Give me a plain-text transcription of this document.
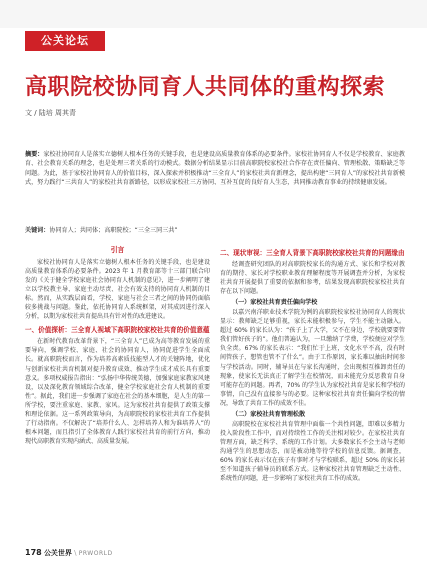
公关论坛
高职院校协同育人共同体的重构探索
文 / 陆培 周其青
摘要：家校社协同育人是落实立德树人根本任务的关键手段，也是建设高质量教育体系的必要条件。家校社协同育人不仅是学校教育、家庭教育、社会教育关系的理念，也是处理三者关系的行动模式。数据分析结果显示目前高职院校家校社合作存在责任偏向、管理松散、策略缺乏等问题。为此，基于家校社协同育人的价值目标，深入探索并积极推动“三全育人”的家校社共育新理念，提出构建“三同育人”的家校社共育新模式，努力践行“三共育人”的家校社共育新路径，以形成家校社三方协同、互补互促的良好育人生态，共同推动教育事业的持续健康发展。
关键词：协同育人；共同体；高职院校；“三全三同三共”
引言

家校社协同育人是落实立德树人根本任务的关键手段，也是建设高质量教育体系的必要条件。2023 年 1 月教育部等十三部门联合印发的《关于健全学校家庭社会协同育人机制的意见》，进一步阐明了建立以学校教主导、家庭主动尽责、社会有效支持的协同育人机制的目标。然而，从实践层面看，学校、家庭与社会三者之间的协同仍面临较多挑战与问题。鉴此，依托协同育人系统框架，对其成因进行深入分析，以期为家校社共育提出具有针对性的改进建议。

一、价值探析：三全育人视域下高职院校家校社共育的价值意蕴

在新时代教育改革背景下，“三全育人”已成为高等教育发展的重要导向，强调学校、家庭、社会的协同育人，协同促进学生全面成长。就高职院校而言，作为培养高素质技能型人才的关键阵地，优化与创新家校社共育机制对提升教育成效、推动学生成才成长具有重要意义。多项权威报告指出：“弘扬中华传统美德，加强家庭家教家风建设，以及深化教育领域综合改革，健全学校家庭社会育人机制的重要性”。据此，我们进一步强调了家庭在社会的基本细胞，是人生的第一所学校，要注重家庭、家教、家风。这为家校社共育提供了政策支撑和理论依据。这一系列政策导向，为高职院校的家校社共育工作提供了行动指南。不仅解决了“培养什么人、怎样培养人和为谁培养人”的根本问题，而且指引了全体教育人践行家校社共育的前行方向，推动现代高职教育实现内涵式、高质量发展。

二、现状审视：三全育人背景下高职院校家校社共育的问题缘由

经调查研究团队的对高职院校家长的沟通方式、家长和学校对教育的期待、家长对学校职业教育理解程度等开展调查并分析，为家校社共育开展提供了重要的依据和参考，结果发现高职院校家校社共育存在以下问题。

（一）家校社共育责任偏向学校

以嘉兴南洋职业技术学院为例的高职院校家校社协同育人的现状显示：教师缺乏足够重视，家长未能积极参与，学生不能主动融入。超过 60% 的家长认为：“孩子上了大学，父不在身边，学校就要要管我们管好孩子的”。他们普遍认为，一旦缴纳了学费，学校便应对学生负全责。67% 的家长表示：“我们忙于上班，文化水平不高，没有时间管孩子，想管也管不了什么”。由于工作原因，家长难以抽出时间参与学校活动。同时，辅导员在与家长沟通时，会出现相互推卸责任的现象，使家长无法真正了解学生在校情况，而未能充分反思教育自身可能存在的问题。再者，70% 的学生认为家校社共育是家长和学校的事情，自己没有直接参与的必要。这种家校社共育责任偏向学校的情况，导致了共育工作的成效不佳。

（二）家校社共育管理松散

高职院校在家校社共育管理中面临一个共性问题，即难以多精力投入阶段性工作中，而对持续性工作的关注相对较少。在家校社共育管理方面，缺乏科学、系统的工作计划。大多数家长不会主动与老师沟通学生的思想动态，而是被动地等待学校的信息反馈。据调查，60% 的家长表示仅在孩子有事时才与学校联系，超过 50% 的家长甚至不知道孩子辅导员的联系方式。这种家校社共育管理缺乏主动性、系统性的问题，进一步影响了家校社共育工作的成效。

178 公关世界 \ PRWORLD
